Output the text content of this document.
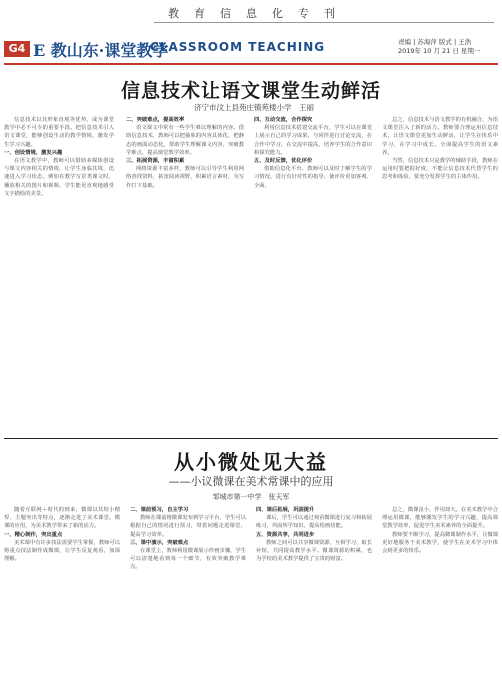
教育信息化专刊
G4 E 教山东·课堂教学
CLASSROOM TEACHING	责编 | 苏海萍 版式 | 王浩
2019年 10 月 21 日 星期一
信息技术让语文课堂生动鲜活
济宁市汶上县苑庄镇苑楼小学　王丽

信息技术以其形象直观等优势，成为课堂教学中必不可少的重要手段。把信息技术引入语文课堂，能够创设生动的教学情境，激发学生学习兴趣。

一、创设情境，激发兴趣

在语文教学中，教师可以借助多媒体创设与课文内容相关的情境，让学生身临其境，迅速进入学习状态。例如在教学写景类课文时，播放相关的图片和视频，学生能更直观地感受文字描绘的美景。

二、突破难点，提高效率

语文课文中常有一些学生难以理解的内容。借助信息技术，教师可以把抽象的内容具体化，把静态的画面动态化，帮助学生理解课文内容，突破教学难点，提高课堂教学效率。

三、拓展资源，丰富积累

网络资源丰富多样，教师可以引导学生利用网络查找资料，拓宽阅读视野，积累语言素材，为写作打下基础。

四、互动交流，合作探究

利用信息技术搭建交流平台，学生可以在课堂上展示自己的学习成果，与同伴进行讨论交流，在合作中学习，在交流中提高，培养学生的合作意识和探究能力。

五、及时反馈，优化评价

借助信息化平台，教师可以及时了解学生的学习情况，进行有针对性的指导，使评价更加客观、全面。

总之，信息技术与语文教学的有机融合，为语文课堂注入了新的活力。教师要合理运用信息技术，让语文课堂更加生动鲜活，让学生在快乐中学习、在学习中成长，全面提高学生的语文素养。

当然，信息技术只是教学的辅助手段，教师在运用时要把握好度，不能让信息技术代替学生的思考和体验，要充分发挥学生的主体作用。

从小微处见大益
——小议微课在美术常课中的应用
邹城市第一中学　张天军

随着互联网＋时代的到来，微课以其短小精悍、主题突出等特点，逐渐走进了美术课堂。微课的应用，为美术教学带来了新的活力。

一、精心制作，突出重点

美术课中有许多技法需要学生掌握，教师可以将重点技法制作成微课，让学生反复观看，加深理解。

二、课前预习，自主学习

教师在课前将微课发布到学习平台，学生可以根据自己的情况进行预习，带着问题走进课堂，提高学习效率。

三、课中演示，突破难点

在课堂上，教师利用微课展示作画步骤，学生可以清楚地看到每一个细节，有效突破教学难点。

四、课后拓展，巩固提升

课后，学生可以通过观看微课进行复习和拓展练习，巩固所学知识，提高绘画技能。

五、资源共享，共同进步

教师之间可以共享微课资源，互相学习，取长补短，共同提高教学水平。微课资源的积累，也为学校的美术教学提供了宝贵的财富。

总之，微课虽小，作用却大。在美术教学中合理运用微课，能够激发学生的学习兴趣，提高课堂教学效率，促进学生美术素养的全面提升。

教师要不断学习，提高微课制作水平，让微课更好地服务于美术教学，使学生在美术学习中体会到更多的快乐。
